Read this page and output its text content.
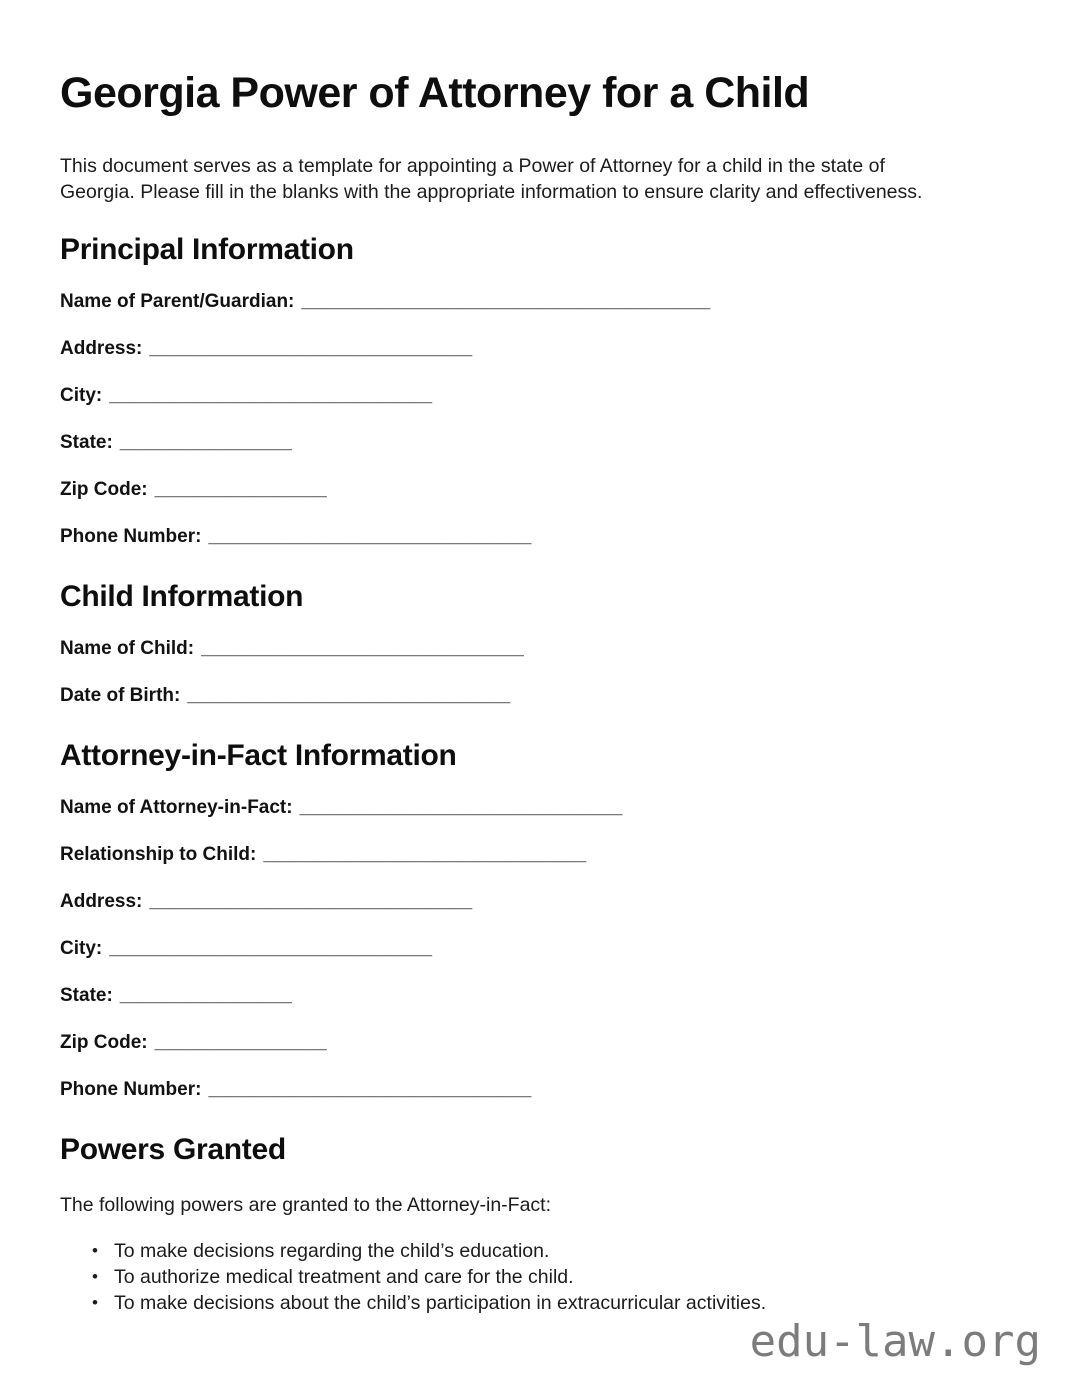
Georgia Power of Attorney for a Child

This document serves as a template for appointing a Power of Attorney for a child in the state of Georgia. Please fill in the blanks with the appropriate information to ensure clarity and effectiveness.

Principal Information
Name of Parent/Guardian: ______________________________________
Address: ______________________________
City: ______________________________
State: ________________
Zip Code: ________________
Phone Number: ______________________________
Child Information
Name of Child: ______________________________
Date of Birth: ______________________________
Attorney-in-Fact Information
Name of Attorney-in-Fact: ______________________________
Relationship to Child: ______________________________
Address: ______________________________
City: ______________________________
State: ________________
Zip Code: ________________
Phone Number: ______________________________
Powers Granted

The following powers are granted to the Attorney-in-Fact:

• To make decisions regarding the child’s education.
• To authorize medical treatment and care for the child.
• To make decisions about the child’s participation in extracurricular activities.
edu-law.org
